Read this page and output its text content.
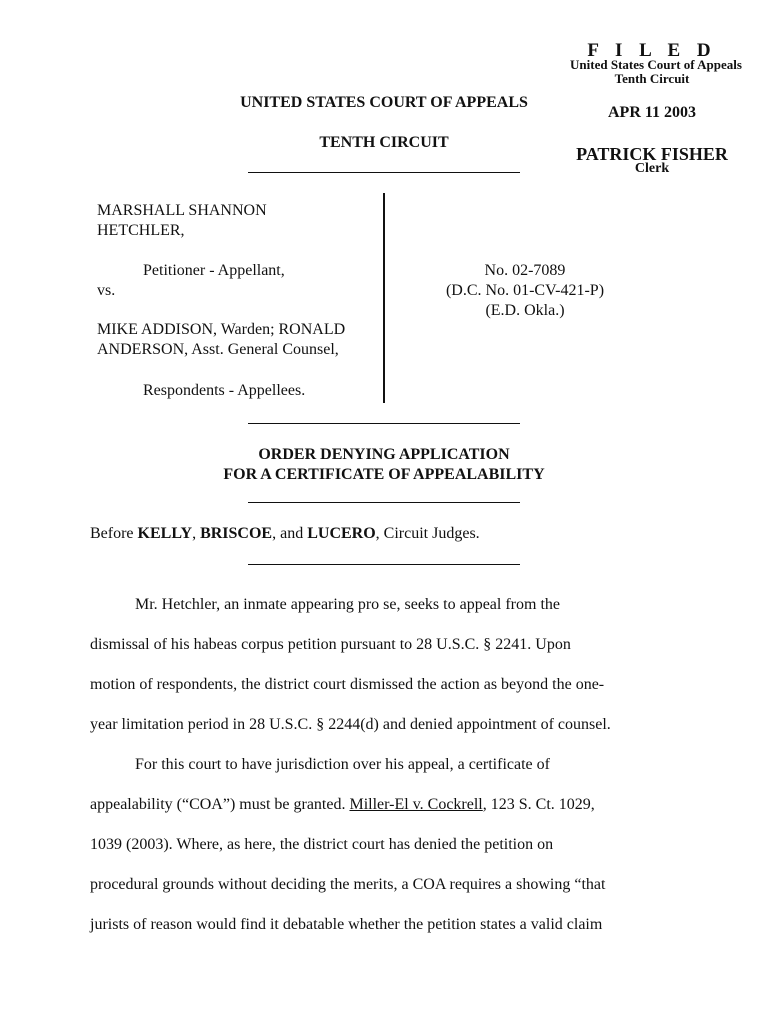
F I L E D
United States Court of Appeals
Tenth Circuit
APR 11 2003
PATRICK FISHER
Clerk
UNITED STATES COURT OF APPEALS
TENTH CIRCUIT
MARSHALL SHANNON
HETCHLER,
Petitioner - Appellant,
vs.
MIKE ADDISON, Warden; RONALD
ANDERSON, Asst. General Counsel,
Respondents - Appellees.
No. 02-7089
(D.C. No. 01-CV-421-P)
(E.D. Okla.)
ORDER DENYING APPLICATION
FOR A CERTIFICATE OF APPEALABILITY
Before KELLY, BRISCOE, and LUCERO, Circuit Judges.

Mr. Hetchler, an inmate appearing pro se, seeks to appeal from the
dismissal of his habeas corpus petition pursuant to 28 U.S.C. § 2241. Upon
motion of respondents, the district court dismissed the action as beyond the one-
year limitation period in 28 U.S.C. § 2244(d) and denied appointment of counsel.

For this court to have jurisdiction over his appeal, a certificate of
appealability (“COA”) must be granted. Miller-El v. Cockrell, 123 S. Ct. 1029,
1039 (2003). Where, as here, the district court has denied the petition on
procedural grounds without deciding the merits, a COA requires a showing “that
jurists of reason would find it debatable whether the petition states a valid claim
